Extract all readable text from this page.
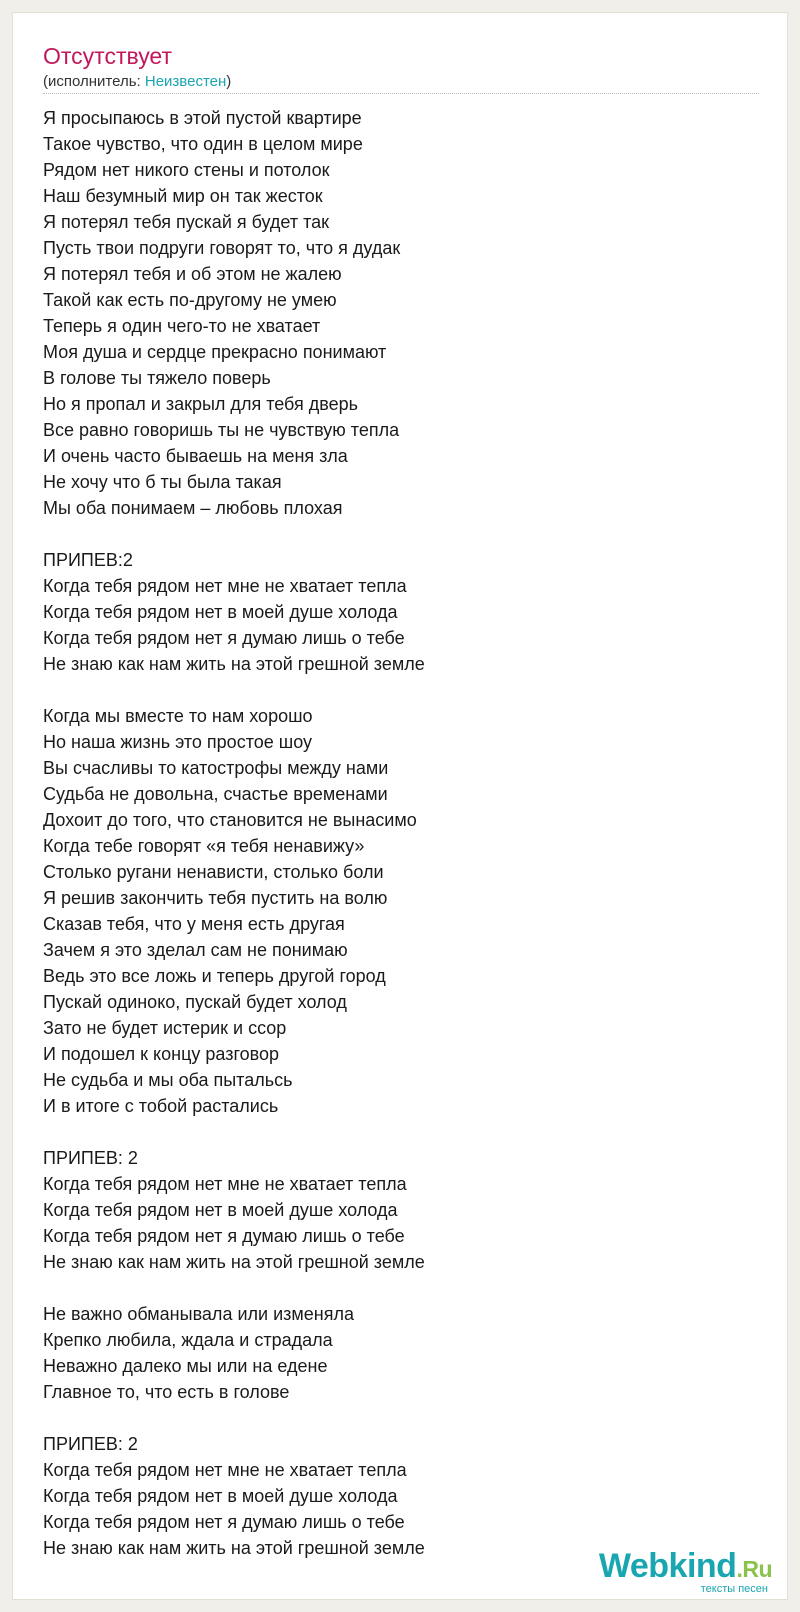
Отсутствует
(исполнитель: Неизвестен)
Я просыпаюсь в этой пустой квартире
Такое чувство, что один в целом мире
Рядом нет никого стены и потолок
Наш безумный мир он так жесток
Я потерял тебя пускай я будет так
Пусть твои подруги говорят то, что я дудак
Я потерял тебя и об этом не жалею
Такой как есть по-другому не умею
Теперь я один чего-то не хватает
Моя душа и сердце прекрасно понимают
В голове ты тяжело поверь
Но я пропал и закрыл для тебя дверь
Все равно говоришь ты не чувствую тепла
И очень часто бываешь на меня зла
Не хочу что б ты была такая
Мы оба понимаем – любовь плохая
ПРИПЕВ:2
Когда тебя рядом нет мне не хватает тепла
Когда тебя рядом нет в моей душе холода
Когда тебя рядом нет я думаю лишь о тебе
Не знаю как нам жить на этой грешной земле
Когда мы вместе то нам хорошо
Но наша жизнь это простое шоу
Вы счасливы то катострофы между нами
Судьба не довольна, счастье временами
Дохоит до того, что становится не вынасимо
Когда тебе говорят «я тебя ненавижу»
Столько ругани ненависти, столько боли
Я решив закончить тебя пустить на волю
Сказав тебя, что у меня есть другая
Зачем я это зделал сам не понимаю
Ведь это все ложь и теперь другой город
Пускай одиноко, пускай будет холод
Зато не будет истерик и ссор
И подошел к концу разговор
Не судьба и мы оба пытальсь
И в итоге с тобой растались
ПРИПЕВ: 2
Когда тебя рядом нет мне не хватает тепла
Когда тебя рядом нет в моей душе холода
Когда тебя рядом нет я думаю лишь о тебе
Не знаю как нам жить на этой грешной земле
Не важно обманывала или изменяла
Крепко любила, ждала и страдала
Неважно далеко мы или на едене
Главное то, что есть в голове
ПРИПЕВ: 2
Когда тебя рядом нет мне не хватает тепла
Когда тебя рядом нет в моей душе холода
Когда тебя рядом нет я думаю лишь о тебе
Не знаю как нам жить на этой грешной земле	Webkind.Ru
тексты песен
